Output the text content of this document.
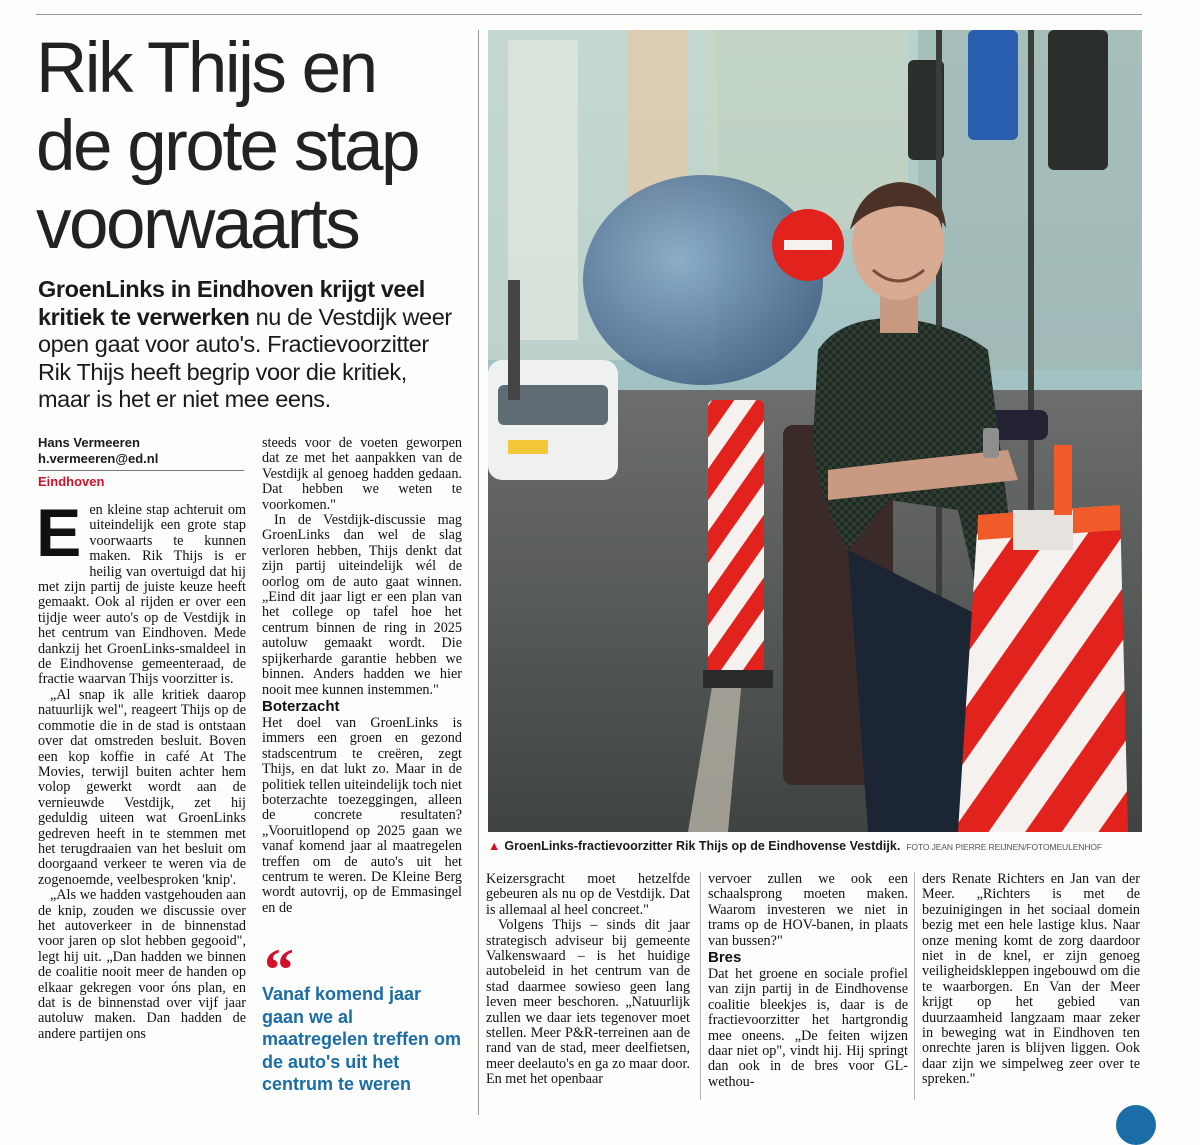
Rik Thijs en
de grote stap
voorwaarts
GroenLinks in Eindhoven krijgt veel kritiek te verwerken nu de Vestdijk weer open gaat voor auto's. Fractievoorzitter Rik Thijs heeft begrip voor die kritiek, maar is het er niet mee eens.
Hans Vermeeren
h.vermeeren@ed.nl
Eindhoven
E en kleine stap achteruit om uiteindelijk een grote stap voorwaarts te kunnen maken. Rik Thijs is er heilig van overtuigd dat hij met zijn partij de juiste keuze heeft gemaakt. Ook al rijden er over een tijdje weer auto's op de Vestdijk in het centrum van Eindhoven. Mede dankzij het GroenLinks-smaldeel in de Eindhovense gemeenteraad, de fractie waarvan Thijs voorzitter is.

„Al snap ik alle kritiek daarop natuurlijk wel", reageert Thijs op de commotie die in de stad is ontstaan over dat omstreden besluit. Boven een kop koffie in café At The Movies, terwijl buiten achter hem volop gewerkt wordt aan de vernieuwde Vestdijk, zet hij geduldig uiteen wat GroenLinks gedreven heeft in te stemmen met het terugdraaien van het besluit om doorgaand verkeer te weren via de zogenoemde, veelbesproken 'knip'.

„Als we hadden vastgehouden aan de knip, zouden we discussie over het autoverkeer in de binnenstad voor jaren op slot hebben gegooid", legt hij uit. „Dan hadden we binnen de coalitie nooit meer de handen op elkaar gekregen voor óns plan, en dat is de binnenstad over vijf jaar autoluw maken. Dan hadden de andere partijen ons

steeds voor de voeten geworpen dat ze met het aanpakken van de Vestdijk al genoeg hadden gedaan. Dat hebben we weten te voorkomen."

In de Vestdijk-discussie mag GroenLinks dan wel de slag verloren hebben, Thijs denkt dat zijn partij uiteindelijk wél de oorlog om de auto gaat winnen. „Eind dit jaar ligt er een plan van het college op tafel hoe het centrum binnen de ring in 2025 autoluw gemaakt wordt. Die spijkerharde garantie hebben we binnen. Anders hadden we hier nooit mee kunnen instemmen."

Boterzacht

Het doel van GroenLinks is immers een groen en gezond stadscentrum te creëren, zegt Thijs, en dat lukt zo. Maar in de politiek tellen uiteindelijk toch niet boterzachte toezeggingen, alleen de concrete resultaten? „Vooruitlopend op 2025 gaan we vanaf komend jaar al maatregelen treffen om de auto's uit het centrum te weren. De Kleine Berg wordt autovrij, op de Emmasingel en de

“
Vanaf komend jaar gaan we al maatregelen treffen om de auto's uit het centrum te weren
▲ GroenLinks-fractievoorzitter Rik Thijs op de Eindhovense Vestdijk. FOTO JEAN PIERRE REIJNEN/FOTOMEULENHOF

Keizersgracht moet hetzelfde gebeuren als nu op de Vestdijk. Dat is allemaal al heel concreet."

Volgens Thijs – sinds dit jaar strategisch adviseur bij gemeente Valkenswaard – is het huidige autobeleid in het centrum van de stad daarmee sowieso geen lang leven meer beschoren. „Natuurlijk zullen we daar iets tegenover moet stellen. Meer P&R-terreinen aan de rand van de stad, meer deelfietsen, meer deelauto's en ga zo maar door. En met het openbaar

vervoer zullen we ook een schaalsprong moeten maken. Waarom investeren we niet in trams op de HOV-banen, in plaats van bussen?"

Bres

Dat het groene en sociale profiel van zijn partij in de Eindhovense coalitie bleekjes is, daar is de fractievoorzitter het hartgrondig mee oneens. „De feiten wijzen daar niet op", vindt hij. Hij springt dan ook in de bres voor GL-wethou-

ders Renate Richters en Jan van der Meer. „Richters is met de bezuinigingen in het sociaal domein bezig met een hele lastige klus. Naar onze mening komt de zorg daardoor niet in de knel, er zijn genoeg veiligheidskleppen ingebouwd om die te waarborgen. En Van der Meer krijgt op het gebied van duurzaamheid langzaam maar zeker in beweging wat in Eindhoven ten onrechte jaren is blijven liggen. Ook daar zijn we simpelweg zeer over te spreken."
